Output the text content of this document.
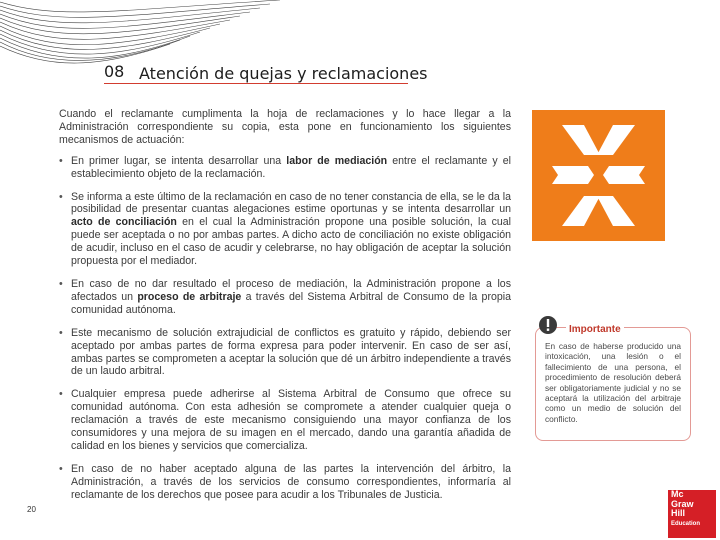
08 Atención de quejas y reclamaciones

Cuando el reclamante cumplimenta la hoja de reclamaciones y lo hace llegar a la Administración correspondiente su copia, esta pone en funcionamiento los siguientes mecanismos de actuación:

• En primer lugar, se intenta desarrollar una labor de mediación entre el reclamante y el establecimiento objeto de la reclamación.
• Se informa a este último de la reclamación en caso de no tener constancia de ella, se le da la posibilidad de presentar cuantas alegaciones estime oportunas y se intenta desarrollar un acto de conciliación en el cual la Administración propone una posible solución, la cual puede ser aceptada o no por ambas partes. A dicho acto de conciliación no existe obligación de acudir, incluso en el caso de acudir y celebrarse, no hay obligación de aceptar la solución propuesta por el mediador.
• En caso de no dar resultado el proceso de mediación, la Administración propone a los afectados un proceso de arbitraje a través del Sistema Arbitral de Consumo de la propia comunidad autónoma.
• Este mecanismo de solución extrajudicial de conflictos es gratuito y rápido, debiendo ser aceptado por ambas partes de forma expresa para poder intervenir. En caso de ser así, ambas partes se comprometen a aceptar la solución que dé un árbitro independiente a través de un laudo arbitral.
• Cualquier empresa puede adherirse al Sistema Arbitral de Consumo que ofrece su comunidad autónoma. Con esta adhesión se compromete a atender cualquier queja o reclamación a través de este mecanismo consiguiendo una mayor confianza de los consumidores y una mejora de su imagen en el mercado, dando una garantía añadida de calidad en los bienes y servicios que comercializa.
• En caso de no haber aceptado alguna de las partes la intervención del árbitro, la Administración, a través de los servicios de consumo correspondientes, informaría al reclamante de los derechos que posee para acudir a los Tribunales de Justicia.
Importante
En caso de haberse producido una intoxicación, una lesión o el fallecimiento de una persona, el procedimiento de resolución deberá ser obligatoriamente judicial y no se aceptará la utilización del arbitraje como un medio de solución del conflicto.
20
Mc
Graw
Hill
Education
